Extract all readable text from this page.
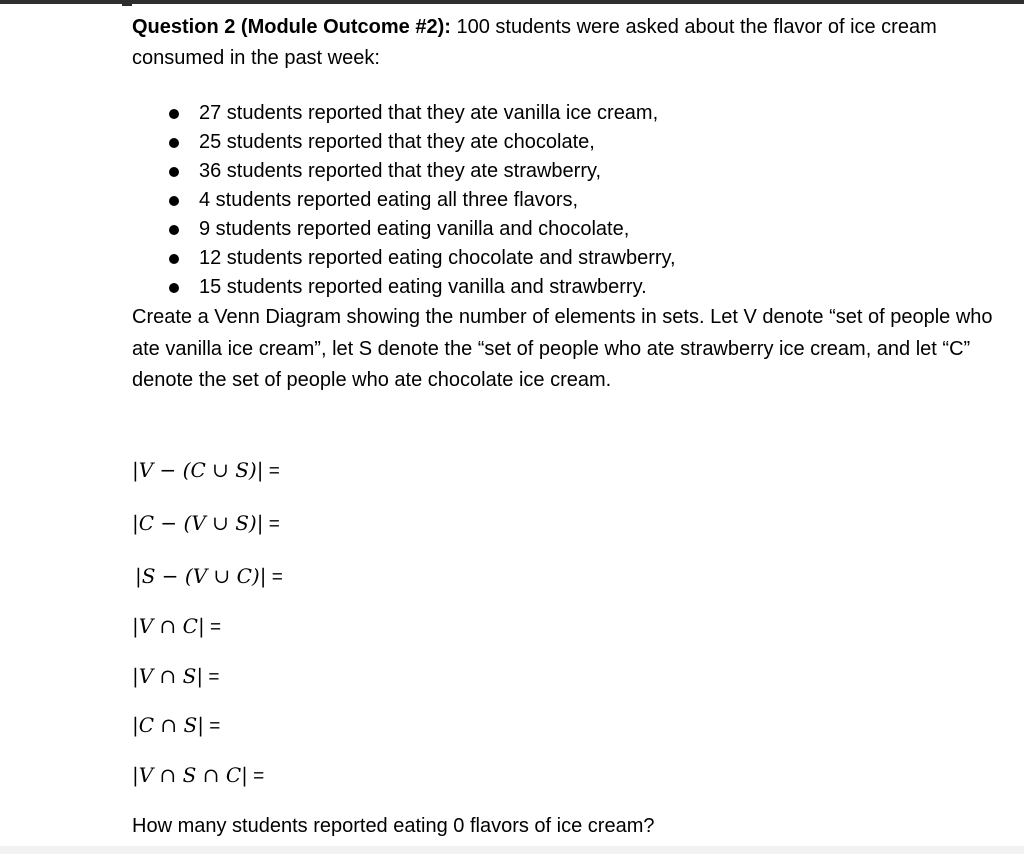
Question 2 (Module Outcome #2): 100 students were asked about the flavor of ice cream consumed in the past week:

27 students reported that they ate vanilla ice cream,
25 students reported that they ate chocolate,
36 students reported that they ate strawberry,
4 students reported eating all three flavors,
9 students reported eating vanilla and chocolate,
12 students reported eating chocolate and strawberry,
15 students reported eating vanilla and strawberry.

Create a Venn Diagram showing the number of elements in sets. Let V denote “set of people who ate vanilla ice cream”, let S denote the “set of people who ate strawberry ice cream, and let “C” denote the set of people who ate chocolate ice cream.

|V − (C ∪ S)| =
|C − (V ∪ S)| =
|S − (V ∪ C)| =
|V ∩ C| =
|V ∩ S| =
|C ∩ S| =
|V ∩ S ∩ C| =

How many students reported eating 0 flavors of ice cream?
